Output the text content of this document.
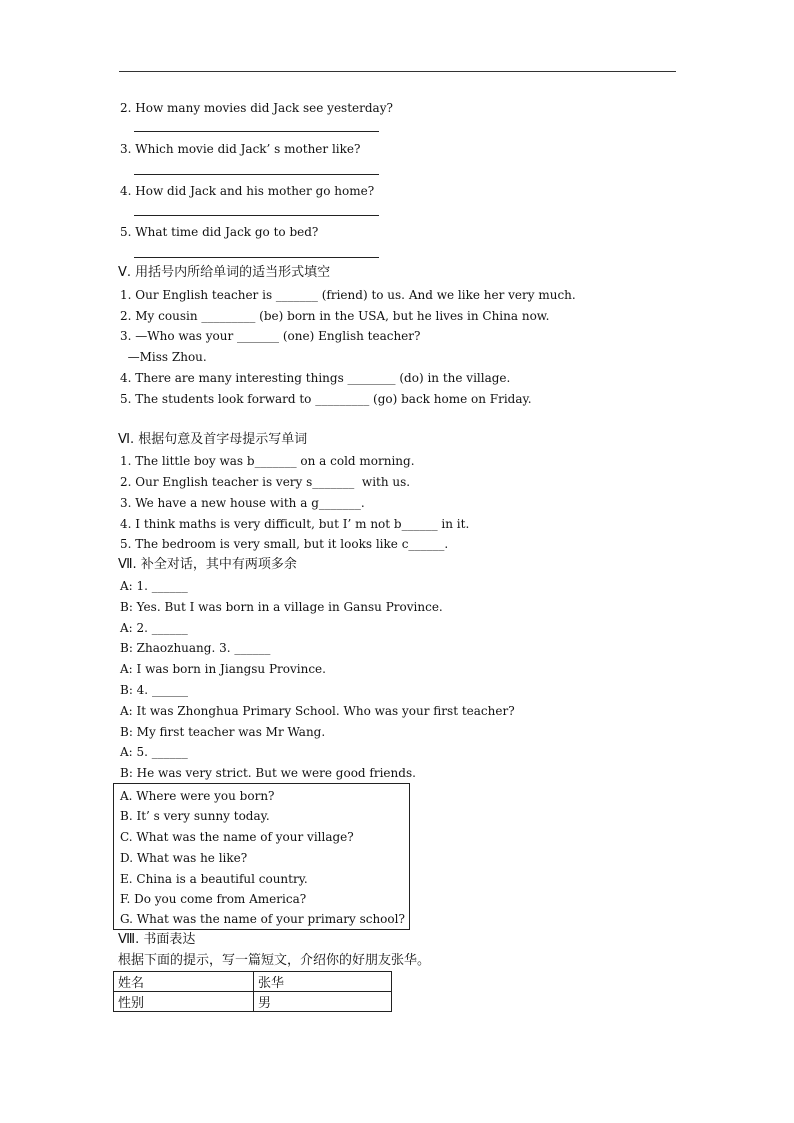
2. How many movies did Jack see yesterday?
3. Which movie did Jack’ s mother like?
4. How did Jack and his mother go home?
5. What time did Jack go to bed?
Ⅴ. 用括号内所给单词的适当形式填空
1. Our English teacher is _______ (friend) to us. And we like her very much.
2. My cousin _________ (be) born in the USA, but he lives in China now.
3. —Who was your _______ (one) English teacher?
—Miss Zhou.
4. There are many interesting things ________ (do) in the village.
5. The students look forward to _________ (go) back home on Friday.
Ⅵ. 根据句意及首字母提示写单词
1. The little boy was b_______ on a cold morning.
2. Our English teacher is very s_______  with us.
3. We have a new house with a g_______.
4. I think maths is very difficult, but I’ m not b______ in it.
5. The bedroom is very small, but it looks like c______.
Ⅶ. 补全对话，其中有两项多余
A: 1. ______
B: Yes. But I was born in a village in Gansu Province.
A: 2. ______
B: Zhaozhuang. 3. ______
A: I was born in Jiangsu Province.
B: 4. ______
A: It was Zhonghua Primary School. Who was your first teacher?
B: My first teacher was Mr Wang.
A: 5. ______
B: He was very strict. But we were good friends.
A. Where were you born?
B. It’ s very sunny today.
C. What was the name of your village?
D. What was he like?
E. China is a beautiful country.
F. Do you come from America?
G. What was the name of your primary school?
Ⅷ. 书面表达
根据下面的提示，写一篇短文，介绍你的好朋友张华。
姓名	张华
性别	男
